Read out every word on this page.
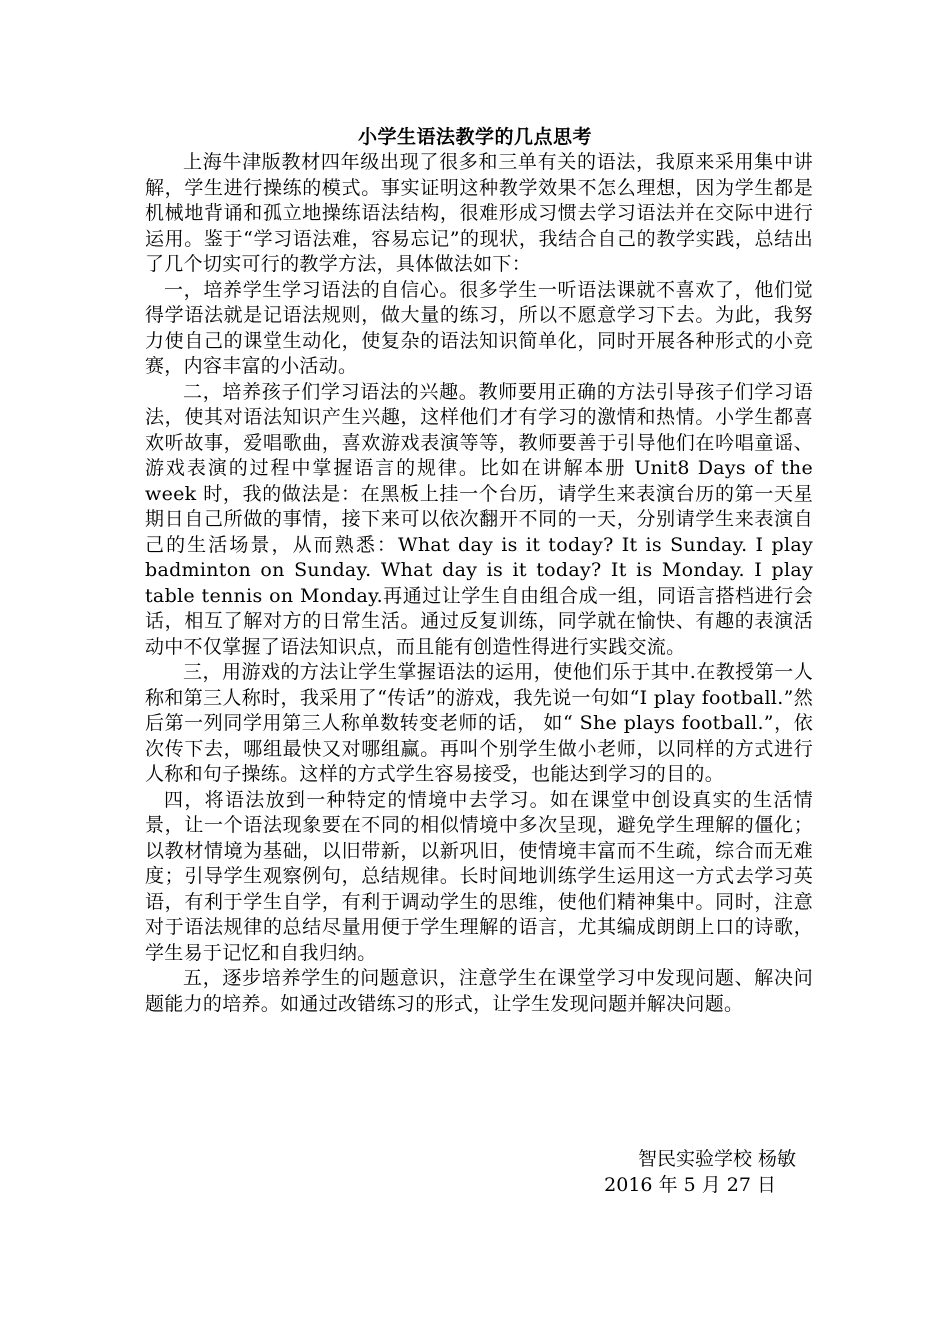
小学生语法教学的几点思考

上海牛津版教材四年级出现了很多和三单有关的语法，我原来采用集中讲解，学生进行操练的模式。事实证明这种教学效果不怎么理想，因为学生都是机械地背诵和孤立地操练语法结构，很难形成习惯去学习语法并在交际中进行运用。鉴于“学习语法难，容易忘记”的现状，我结合自己的教学实践，总结出了几个切实可行的教学方法，具体做法如下：

一，培养学生学习语法的自信心。很多学生一听语法课就不喜欢了，他们觉得学语法就是记语法规则，做大量的练习，所以不愿意学习下去。为此，我努力使自己的课堂生动化，使复杂的语法知识简单化，同时开展各种形式的小竞赛，内容丰富的小活动。

二，培养孩子们学习语法的兴趣。教师要用正确的方法引导孩子们学习语法，使其对语法知识产生兴趣，这样他们才有学习的激情和热情。小学生都喜欢听故事，爱唱歌曲，喜欢游戏表演等等，教师要善于引导他们在吟唱童谣、游戏表演的过程中掌握语言的规律。比如在讲解本册 Unit8 Days of the week 时，我的做法是：在黑板上挂一个台历，请学生来表演台历的第一天星期日自己所做的事情，接下来可以依次翻开不同的一天，分别请学生来表演自己的生活场景，从而熟悉：What day is it today? It is Sunday. I play badminton on Sunday. What day is it today? It is Monday. I play table tennis on Monday.再通过让学生自由组合成一组，同语言搭档进行会话，相互了解对方的日常生活。通过反复训练，同学就在愉快、有趣的表演活动中不仅掌握了语法知识点，而且能有创造性得进行实践交流。

三，用游戏的方法让学生掌握语法的运用，使他们乐于其中.在教授第一人称和第三人称时，我采用了“传话”的游戏，我先说一句如“I play football.”然后第一列同学用第三人称单数转变老师的话， 如“ She plays football.”，依次传下去，哪组最快又对哪组赢。再叫个别学生做小老师，以同样的方式进行人称和句子操练。这样的方式学生容易接受，也能达到学习的目的。

四，将语法放到一种特定的情境中去学习。如在课堂中创设真实的生活情景，让一个语法现象要在不同的相似情境中多次呈现，避免学生理解的僵化；以教材情境为基础，以旧带新，以新巩旧，使情境丰富而不生疏，综合而无难度；引导学生观察例句，总结规律。长时间地训练学生运用这一方式去学习英语，有利于学生自学，有利于调动学生的思维，使他们精神集中。同时，注意对于语法规律的总结尽量用便于学生理解的语言，尤其编成朗朗上口的诗歌，学生易于记忆和自我归纳。

五，逐步培养学生的问题意识，注意学生在课堂学习中发现问题、解决问题能力的培养。如通过改错练习的形式，让学生发现问题并解决问题。

智民实验学校 杨敏
2016 年 5 月 27 日
